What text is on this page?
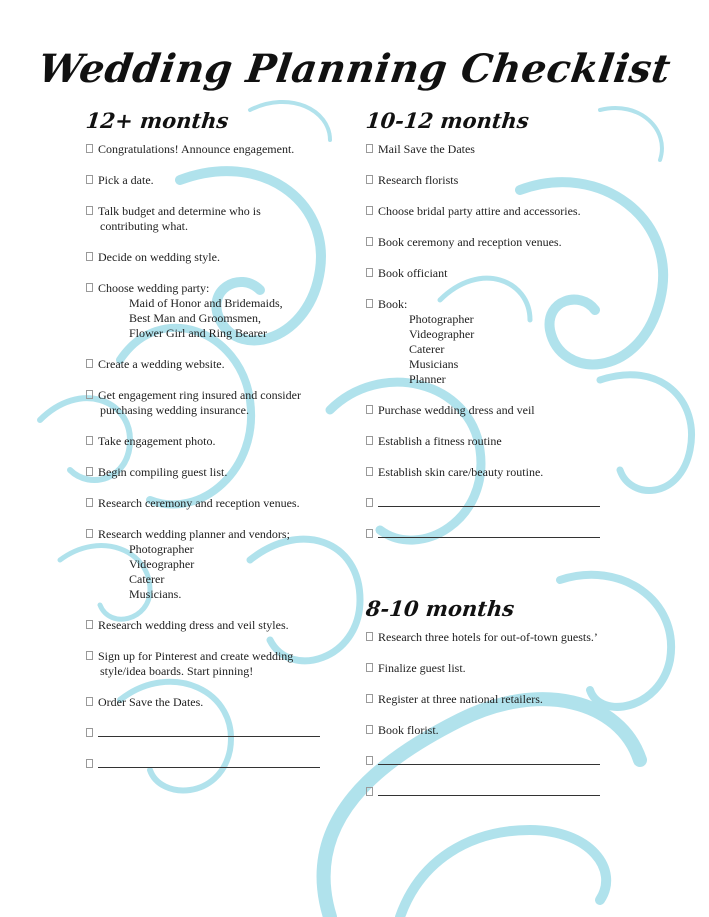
Wedding Planning Checklist
12+ months
Congratulations! Announce engagement.
Pick a date.
Talk budget and determine who is
contributing what.
Decide on wedding style.
Choose wedding party:
Maid of Honor and Bridemaids,
Best Man and Groomsmen,
Flower Girl and Ring Bearer
Create a wedding website.
Get engagement ring insured and consider
purchasing wedding insurance.
Take engagement photo.
Begin compiling guest list.
Research ceremony and reception venues.
Research wedding planner and vendors;
Photographer
Videographer
Caterer
Musicians.
Research wedding dress and veil styles.
Sign up for Pinterest and create wedding
style/idea boards. Start pinning!
Order Save the Dates.
10-12 months
Mail Save the Dates
Research florists
Choose bridal party attire and accessories.
Book ceremony and reception venues.
Book officiant
Book:
Photographer
Videographer
Caterer
Musicians
Planner
Purchase wedding dress and veil
Establish a fitness routine
Establish skin care/beauty routine.
8-10 months
Research three hotels for out-of-town guests.’
Finalize guest list.
Register at three national retailers.
Book florist.
